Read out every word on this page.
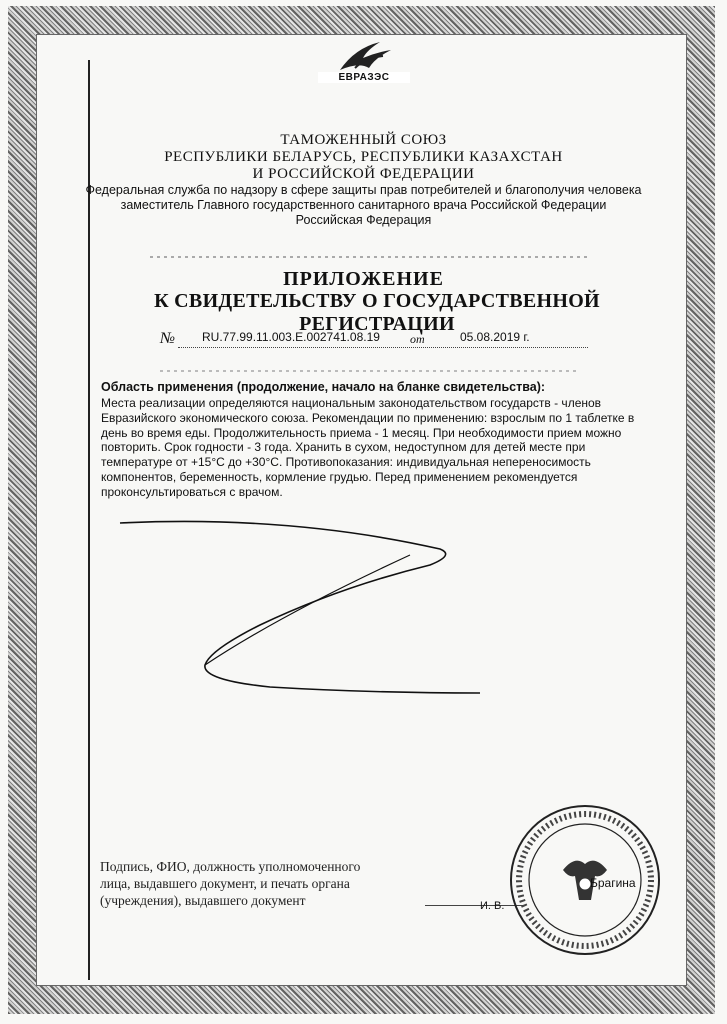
ЕВРАЗЭС
ТАМОЖЕННЫЙ СОЮЗ
РЕСПУБЛИКИ БЕЛАРУСЬ, РЕСПУБЛИКИ КАЗАХСТАН
И РОССИЙСКОЙ ФЕДЕРАЦИИ
Федеральная служба по надзору в сфере защиты прав потребителей и благополучия человека
заместитель Главного государственного санитарного врача Российской Федерации
Российская Федерация
ПРИЛОЖЕНИЕ
К СВИДЕТЕЛЬСТВУ О ГОСУДАРСТВЕННОЙ РЕГИСТРАЦИИ
№ RU.77.99.11.003.Е.002741.08.19	от	05.08.2019 г.
Область применения (продолжение, начало на бланке свидетельства):
Места реализации определяются национальным законодательством государств - членов
Евразийского экономического союза. Рекомендации по применению: взрослым по 1 таблетке в
день во время еды. Продолжительность приема - 1 месяц. При необходимости прием можно
повторить. Срок годности - 3 года. Хранить в сухом, недоступном для детей месте при
температуре от +15°С до +30°С. Противопоказания: индивидуальная непереносимость
компонентов, беременность, кормление грудью. Перед применением рекомендуется
проконсультироваться с врачом.
Подпись, ФИО, должность уполномоченного
лица, выдавшего документ, и печать органа
(учреждения), выдавшего документ	И. В.
Брагина
